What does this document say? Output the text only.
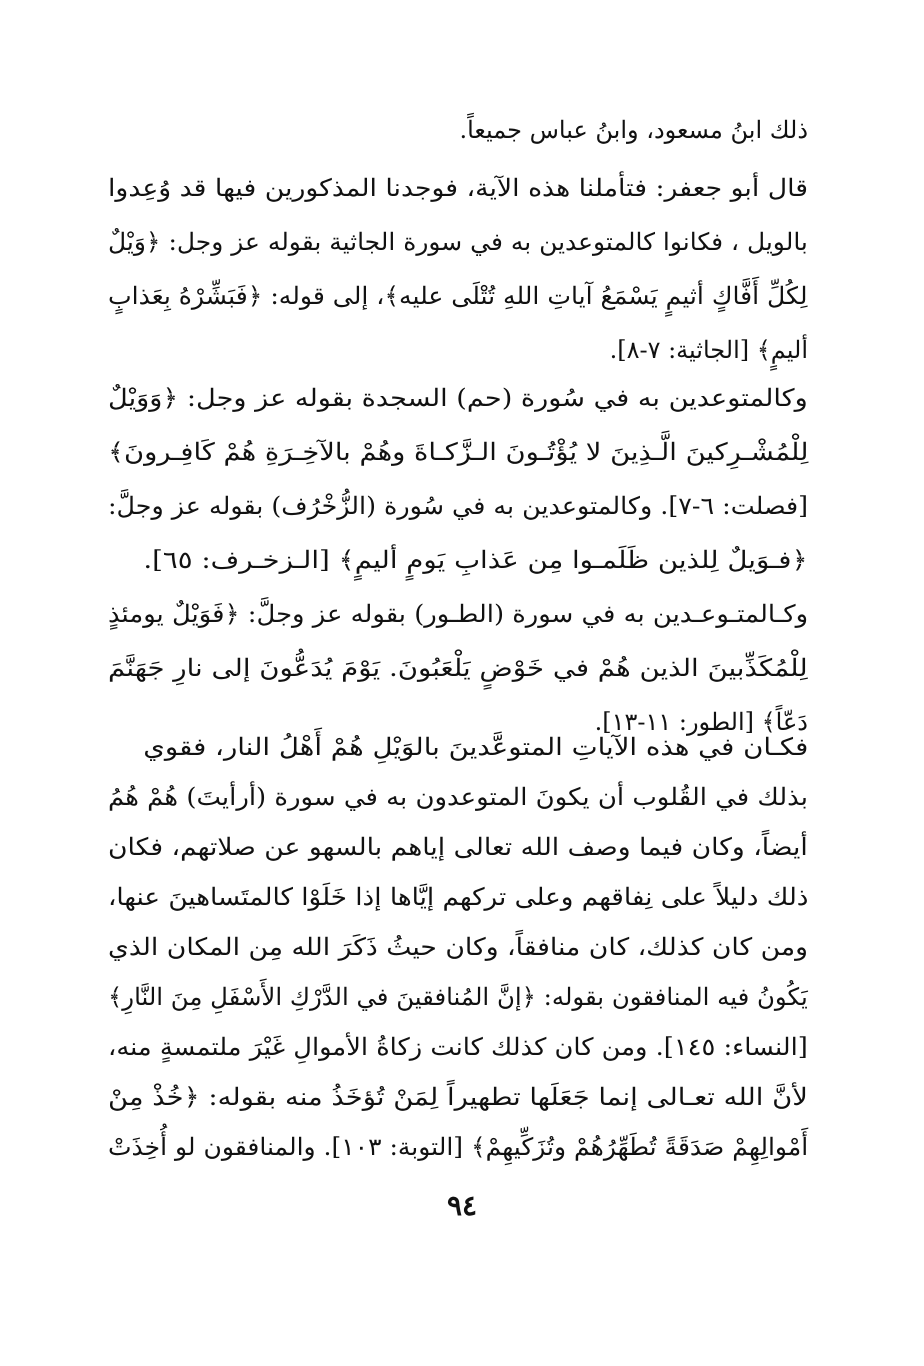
ذلك ابنُ مسعود، وابنُ عباس جميعاً.
قال أبو جعفر: فتأملنا هذه الآية، فوجدنا المذكورين فيها قد وُعِدوا
بالويل ، فكانوا كالمتوعدين به في سورة الجاثية بقوله عز وجل: ﴿وَيْلٌ
لِكُلِّ أَفَّاكٍ أثيمٍ يَسْمَعُ آياتِ اللهِ تُتْلَى عليه﴾، إلى قوله: ﴿فَبَشِّرْهُ بِعَذابٍ
أليمٍ﴾ [الجاثية: ٧-٨].
وكالمتوعدين به في سُورة (حم) السجدة بقوله عز وجل: ﴿وَوَيْلٌ
لِلْمُشْـرِكينَ الَّـذِينَ لا يُؤْتُـونَ الـزَّكـاةَ وهُمْ بالآخِـرَةِ هُمْ كَافِـرونَ﴾
[فصلت: ٦-٧]. وكالمتوعدين به في سُورة (الزُّخْرُف) بقوله عز وجلَّ:
﴿فـوَيلٌ لِلذين ظَلَمـوا مِن عَذابِ يَومٍ أليمٍ﴾ [الـزخـرف: ٦٥].
وكـالمتـوعـدين به في سورة (الطـور) بقوله عز وجلَّ: ﴿فَوَيْلٌ يومئذٍ
لِلْمُكَذِّبينَ الذين هُمْ في خَوْضٍ يَلْعَبُونَ. يَوْمَ يُدَعُّونَ إلى نارِ جَهَنَّمَ
دَعّاً﴾ [الطور: ١١-١٣].
فكـان في هذه الآياتِ المتوعَّدينَ بالوَيْلِ هُمْ أَهْلُ النار، فقوي
بذلك في القُلوب أن يكونَ المتوعدون به في سورة (أرأيتَ) هُمْ هُمُ
أيضاً، وكان فيما وصف الله تعالى إياهم بالسهو عن صلاتهم، فكان
ذلك دليلاً على نِفاقهم وعلى تركهم إيَّاها إذا خَلَوْا كالمتَساهينَ عنها،
ومن كان كذلك، كان منافقاً، وكان حيثُ ذَكَرَ الله مِن المكان الذي
يَكُونُ فيه المنافقون بقوله: ﴿إنَّ المُنافقينَ في الدَّرْكِ الأَسْفَلِ مِنَ النَّارِ﴾
[النساء: ١٤٥]. ومن كان كذلك كانت زكاةُ الأموالِ غَيْرَ ملتمسةٍ منه،
لأنَّ الله تعـالى إنما جَعَلَها تطهيراً لِمَنْ تُؤخَذُ منه بقوله: ﴿خُذْ مِنْ
أَمْوالِهِمْ صَدَقَةً تُطَهِّرُهُمْ وتُزَكِّيهِمْ﴾ [التوبة: ١٠٣]. والمنافقون لو أُخِذَتْ
٩٤
